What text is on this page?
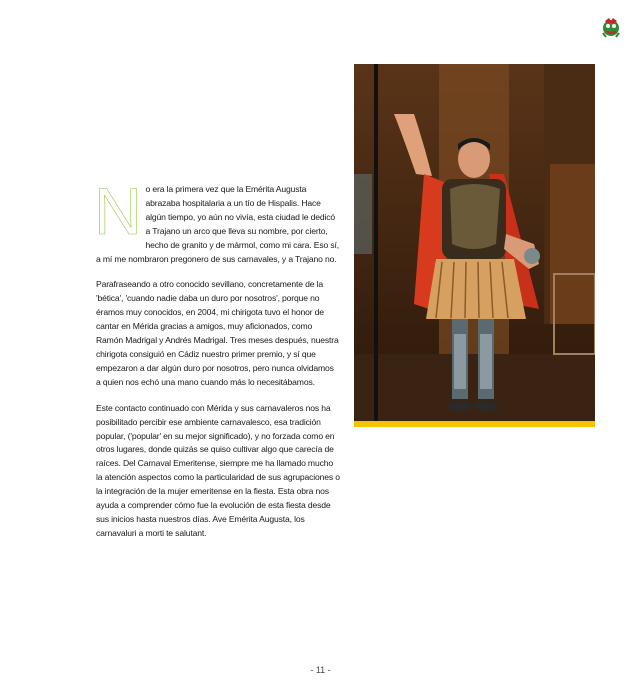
No era la primera vez que la Emérita Augusta abrazaba hospitalaria a un tío de Hispalis. Hace algún tiempo, yo aún no vivía, esta ciudad le dedicó a Trajano un arco que lleva su nombre, por cierto, hecho de granito y de mármol, como mi cara. Eso sí, a mí me nombraron pregonero de sus carnavales, y a Trajano no.

Parafraseando a otro conocido sevillano, concretamente de la 'bética', 'cuando nadie daba un duro por nosotros', porque no éramos muy conocidos, en 2004, mi chirigota tuvo el honor de cantar en Mérida gracias a amigos, muy aficionados, como Ramón Madrigal y Andrés Madrigal. Tres meses después, nuestra chirigota consiguió en Cádiz nuestro primer premio, y sí que empezaron a dar algún duro por nosotros, pero nunca olvidamos a quien nos echó una mano cuando más lo necesitábamos.

Este contacto continuado con Mérida y sus carnavaleros nos ha posibilitado percibir ese ambiente carnavalesco, esa tradición popular, ('popular' en su mejor significado), y no forzada como en otros lugares, donde quizás se quiso cultivar algo que carecía de raíces. Del Carnaval Emeritense, siempre me ha llamado mucho la atención aspectos como la particularidad de sus agrupaciones o la integración de la mujer emeritense en la fiesta. Esta obra nos ayuda a comprender cómo fue la evolución de esta fiesta desde sus inicios hasta nuestros días. Ave Emérita Augusta, los carnavaluri a morti te salutant.

- 11 -
